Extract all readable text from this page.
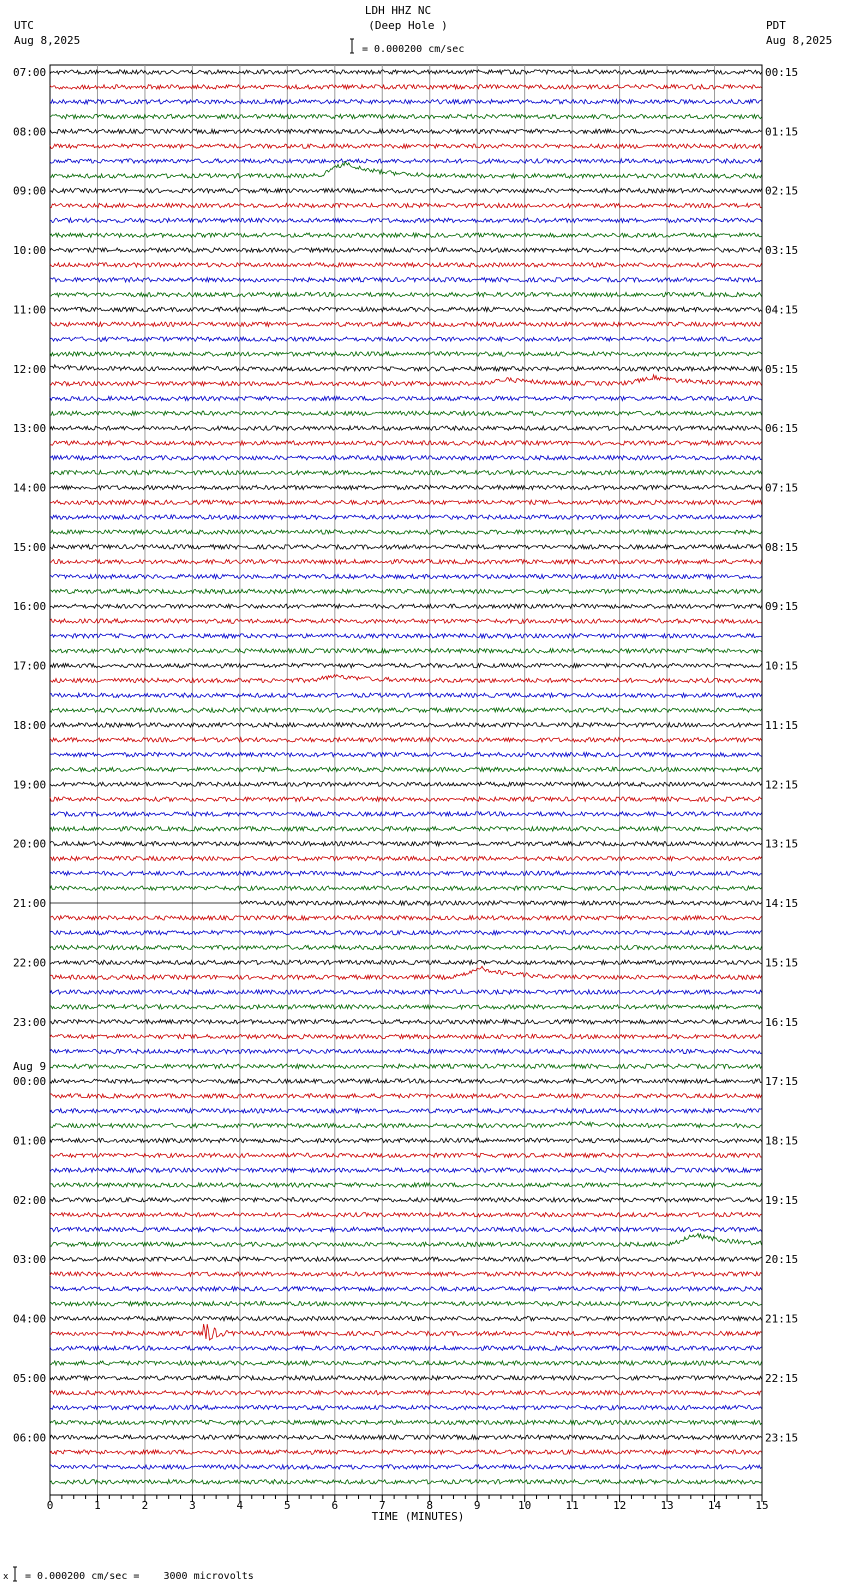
0	1	2	3	4	5	6	7	8	9	10	11	12	13	14	15
07:00
08:00
09:00
10:00
11:00
12:00
13:00
14:00
15:00
16:00
17:00
18:00
19:00
20:00
21:00
22:00
23:00
00:00
Aug 9
01:00
02:00
03:00
04:00
05:00
06:00
00:15
01:15
02:15
03:15
04:15
05:15
06:15
07:15
08:15
09:15
10:15
11:15
12:15
13:15
14:15
15:15
16:15
17:15
18:15
19:15
20:15
21:15
22:15
23:15
LDH HHZ NC
(Deep Hole )
= 0.000200 cm/sec
UTC
Aug 8,2025
PDT
Aug 8,2025
TIME (MINUTES)
x = 0.000200 cm/sec =    3000 microvolts
